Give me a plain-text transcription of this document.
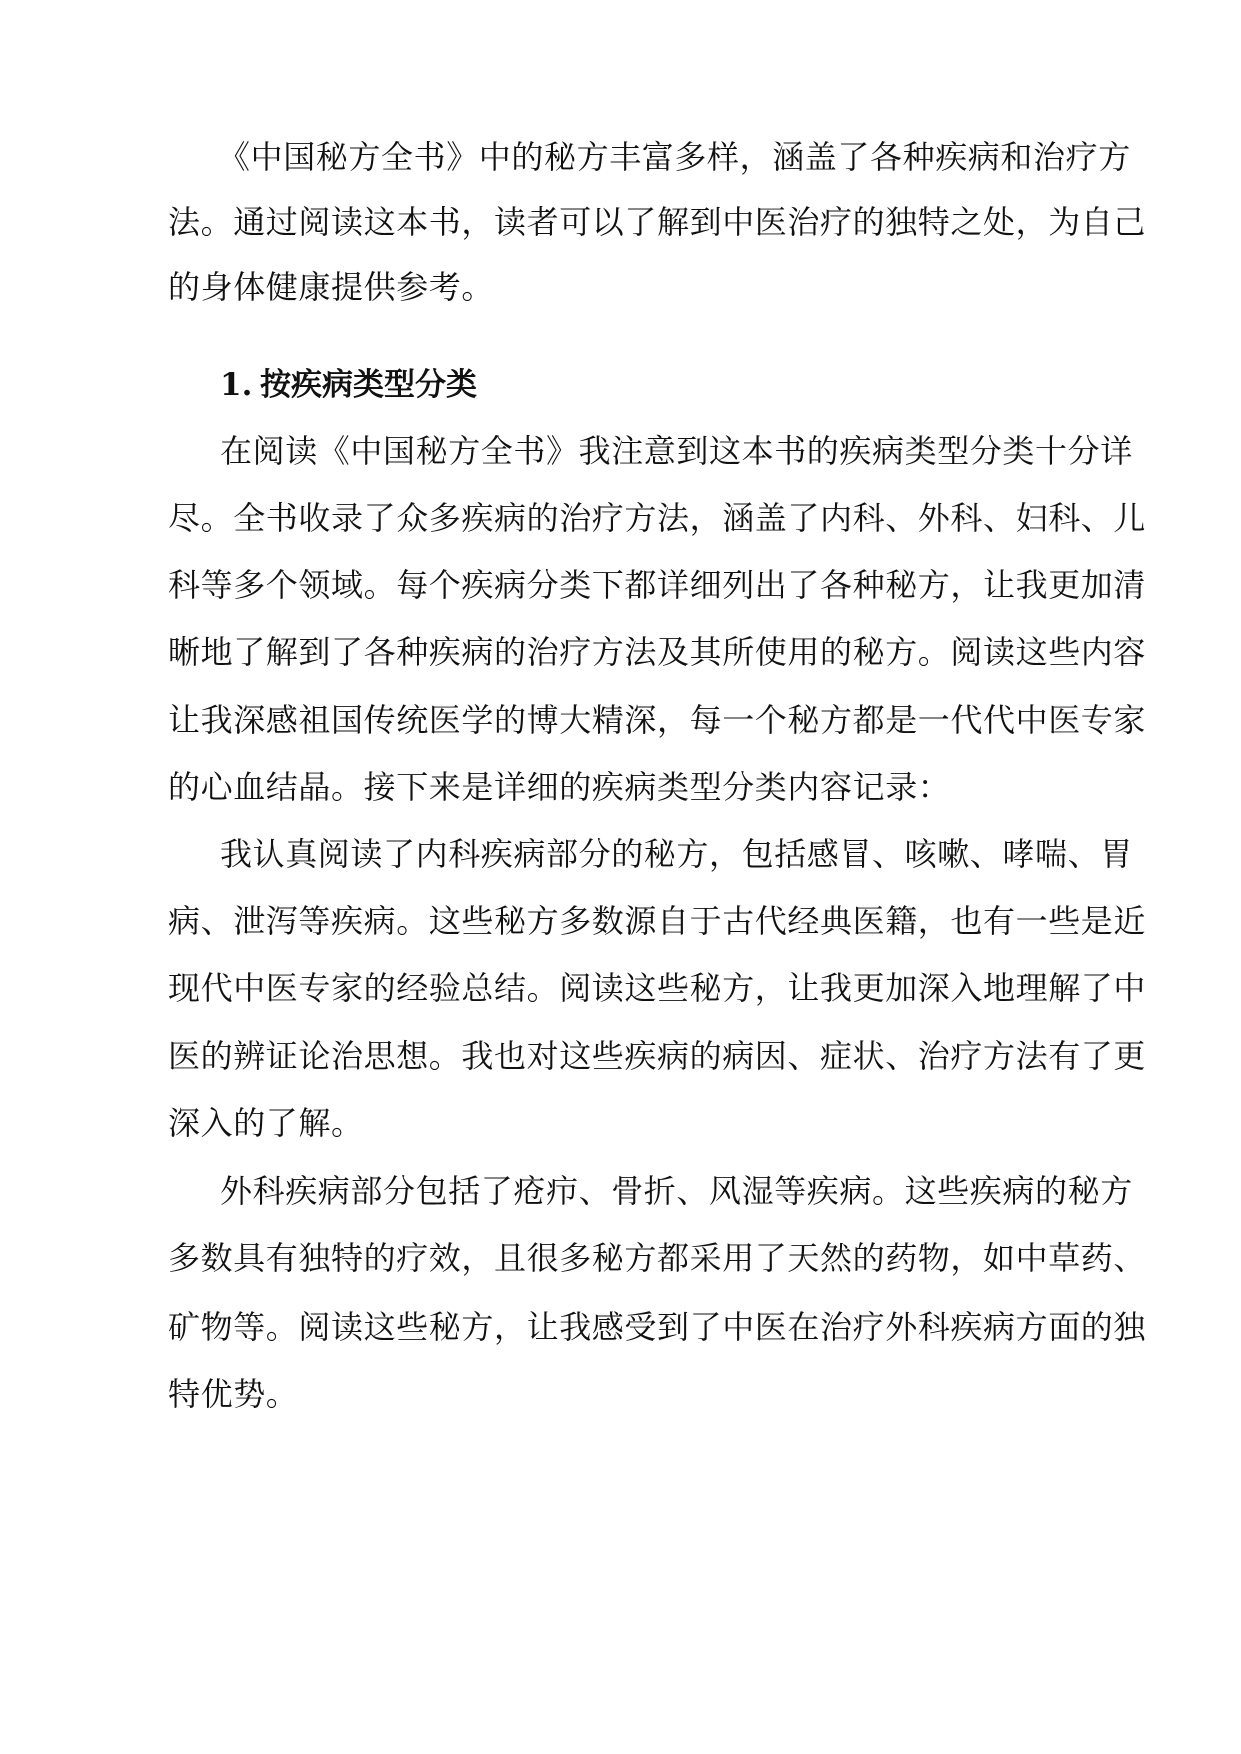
《中国秘方全书》中的秘方丰富多样，涵盖了各种疾病和治疗方
法。通过阅读这本书，读者可以了解到中医治疗的独特之处，为自己
的身体健康提供参考。
1. 按疾病类型分类
在阅读《中国秘方全书》我注意到这本书的疾病类型分类十分详
尽。全书收录了众多疾病的治疗方法，涵盖了内科、外科、妇科、儿
科等多个领域。每个疾病分类下都详细列出了各种秘方，让我更加清
晰地了解到了各种疾病的治疗方法及其所使用的秘方。阅读这些内容
让我深感祖国传统医学的博大精深，每一个秘方都是一代代中医专家
的心血结晶。接下来是详细的疾病类型分类内容记录：
我认真阅读了内科疾病部分的秘方，包括感冒、咳嗽、哮喘、胃
病、泄泻等疾病。这些秘方多数源自于古代经典医籍，也有一些是近
现代中医专家的经验总结。阅读这些秘方，让我更加深入地理解了中
医的辨证论治思想。我也对这些疾病的病因、症状、治疗方法有了更
深入的了解。
外科疾病部分包括了疮疖、骨折、风湿等疾病。这些疾病的秘方
多数具有独特的疗效，且很多秘方都采用了天然的药物，如中草药、
矿物等。阅读这些秘方，让我感受到了中医在治疗外科疾病方面的独
特优势。
